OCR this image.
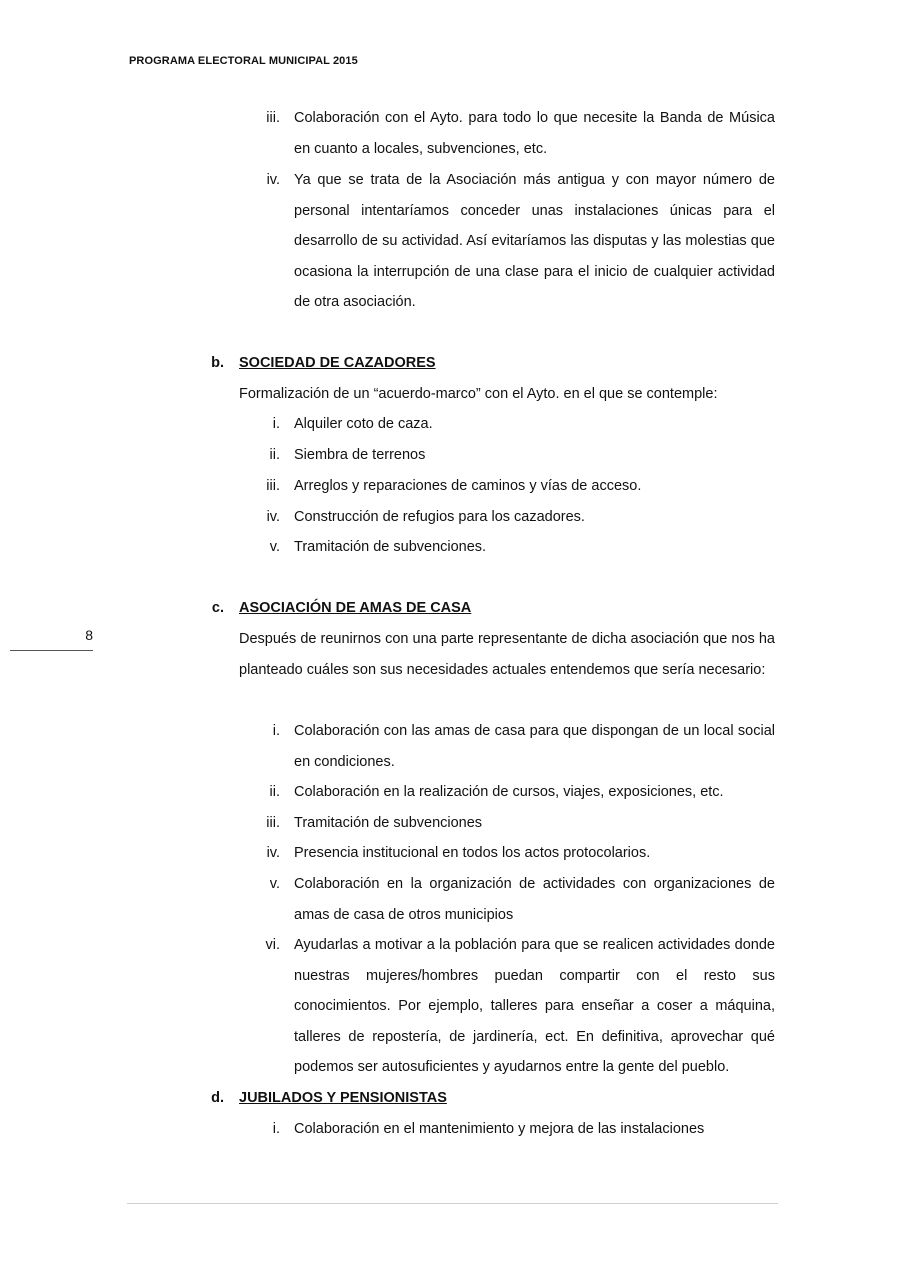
PROGRAMA ELECTORAL MUNICIPAL 2015
8
iii. Colaboración con el Ayto. para todo lo que necesite la Banda de Música en cuanto a locales, subvenciones, etc.
iv. Ya que se trata de la Asociación más antigua y con mayor número de personal intentaríamos conceder unas instalaciones únicas para el desarrollo de su actividad. Así evitaríamos las disputas y las molestias que ocasiona la interrupción de una clase para el inicio de cualquier actividad de otra asociación.
b. SOCIEDAD DE CAZADORES
Formalización de un “acuerdo-marco” con el Ayto. en el que se contemple:
i. Alquiler coto de caza.
ii. Siembra de terrenos
iii. Arreglos y reparaciones de caminos y vías de acceso.
iv. Construcción de refugios para los cazadores.
v. Tramitación de subvenciones.
c. ASOCIACIÓN DE AMAS DE CASA
Después de reunirnos con una parte representante de dicha asociación que nos ha planteado cuáles son sus necesidades actuales entendemos que sería necesario:
i. Colaboración con las amas de casa para que dispongan de un local social en condiciones.
ii. Colaboración en la realización de cursos, viajes, exposiciones, etc.
iii. Tramitación de subvenciones
iv. Presencia institucional en todos los actos protocolarios.
v. Colaboración en la organización de actividades con organizaciones de amas de casa de otros municipios
vi. Ayudarlas a motivar a la población para que se realicen actividades donde nuestras mujeres/hombres puedan compartir con el resto sus conocimientos. Por ejemplo, talleres para enseñar a coser a máquina, talleres de repostería, de jardinería, ect. En definitiva, aprovechar qué podemos ser autosuficientes y ayudarnos entre la gente del pueblo.
d. JUBILADOS Y PENSIONISTAS
i. Colaboración en el mantenimiento y mejora de las instalaciones
